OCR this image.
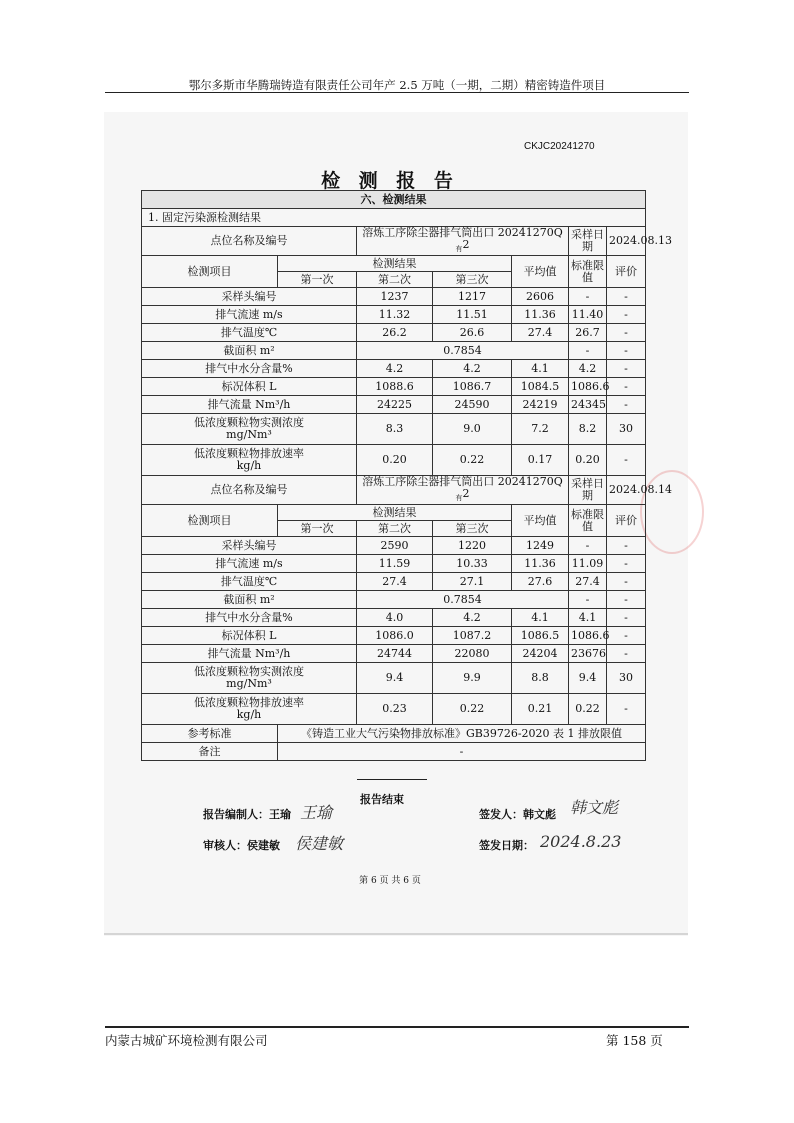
鄂尔多斯市华腾瑞铸造有限责任公司年产 2.5 万吨（一期，二期）精密铸造件项目
CKJC20241270
检 测 报 告
六、检测结果							
1. 固定污染源检测结果							
点位名称及编号		溶炼工序除尘器排气筒出口 $20241270Q_有2$			采样日期	2024.08.13	
检测项目	检测结果			平均值	标准限值	评价	
	第一次	第二次	第三次				
采样头编号		1237	1217	2606	-	-	
排气流速 m/s		11.32	11.51	11.36	11.40	-	
排气温度℃		26.2	26.6	27.4	26.7	-	
截面积 m²		0.7854			-	-	
排气中水分含量%		4.2	4.2	4.1	4.2	-	
标况体积 L		1088.6	1086.7	1084.5	1086.6	-	
排气流量 Nm³/h		24225	24590	24219	24345	-	
低浓度颗粒物实测浓度
mg/Nm³		8.3	9.0	7.2	8.2	30	
低浓度颗粒物排放速率
kg/h		0.20	0.22	0.17	0.20	-	
点位名称及编号		溶炼工序除尘器排气筒出口 $20241270Q_有2$			采样日期	2024.08.14	
检测项目	检测结果			平均值	标准限值	评价	
	第一次	第二次	第三次				
采样头编号		2590	1220	1249	-	-	
排气流速 m/s		11.59	10.33	11.36	11.09	-	
排气温度℃		27.4	27.1	27.6	27.4	-	
截面积 m²		0.7854			-	-	
排气中水分含量%		4.0	4.2	4.1	4.1	-	
标况体积 L		1086.0	1087.2	1086.5	1086.6	-	
排气流量 Nm³/h		24744	22080	24204	23676	-	
低浓度颗粒物实测浓度
mg/Nm³		9.4	9.9	8.8	9.4	30	
低浓度颗粒物排放速率
kg/h		0.23	0.22	0.21	0.22	-	
参考标准	《铸造工业大气污染物排放标准》GB39726-2020 表 1 排放限值						
备注	-						
报告结束
报告编制人：王瑜 王瑜
审核人：侯建敏 侯建敏
签发人：韩文彪 韩文彪
签发日期： 2024.8.23
第 6 页 共 6 页
内蒙古城矿环境检测有限公司	第 158 页
